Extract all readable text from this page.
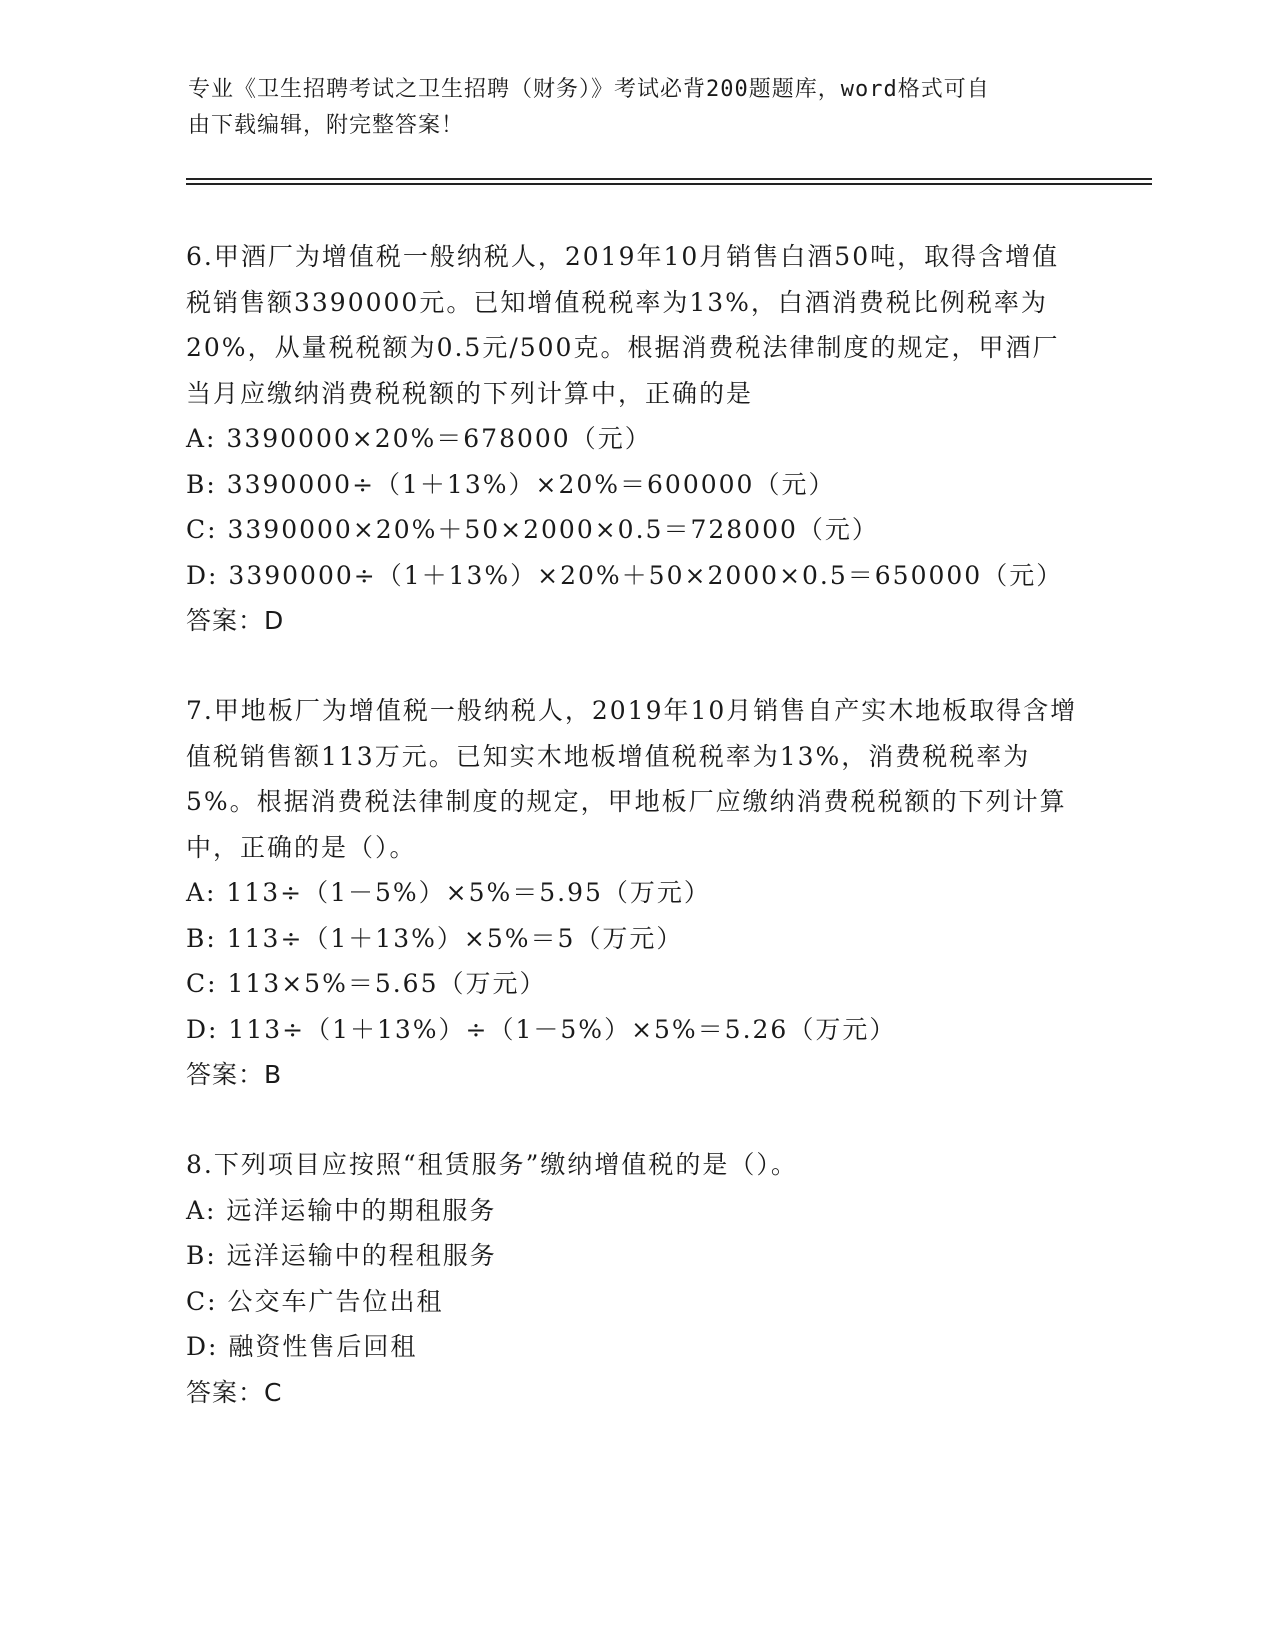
专业《卫生招聘考试之卫生招聘（财务）》考试必背200题题库，word格式可自
由下载编辑，附完整答案！

6.甲酒厂为增值税一般纳税人，2019年10月销售白酒50吨，取得含增值税销售额3390000元。已知增值税税率为13%，白酒消费税比例税率为20%，从量税税额为0.5元/500克。根据消费税法律制度的规定，甲酒厂当月应缴纳消费税税额的下列计算中，正确的是

A: 3390000×20%＝678000（元）
B: 3390000÷（1＋13%）×20%＝600000（元）
C: 3390000×20%＋50×2000×0.5＝728000（元）
D: 3390000÷（1＋13%）×20%＋50×2000×0.5＝650000（元）
答案：D

7.甲地板厂为增值税一般纳税人，2019年10月销售自产实木地板取得含增值税销售额113万元。已知实木地板增值税税率为13%，消费税税率为5%。根据消费税法律制度的规定，甲地板厂应缴纳消费税税额的下列计算中，正确的是（）。

A: 113÷（1－5%）×5%＝5.95（万元）
B: 113÷（1＋13%）×5%＝5（万元）
C: 113×5%＝5.65（万元）
D: 113÷（1＋13%）÷（1－5%）×5%＝5.26（万元）
答案：B

8.下列项目应按照“租赁服务”缴纳增值税的是（）。

A: 远洋运输中的期租服务
B: 远洋运输中的程租服务
C: 公交车广告位出租
D: 融资性售后回租
答案：C
